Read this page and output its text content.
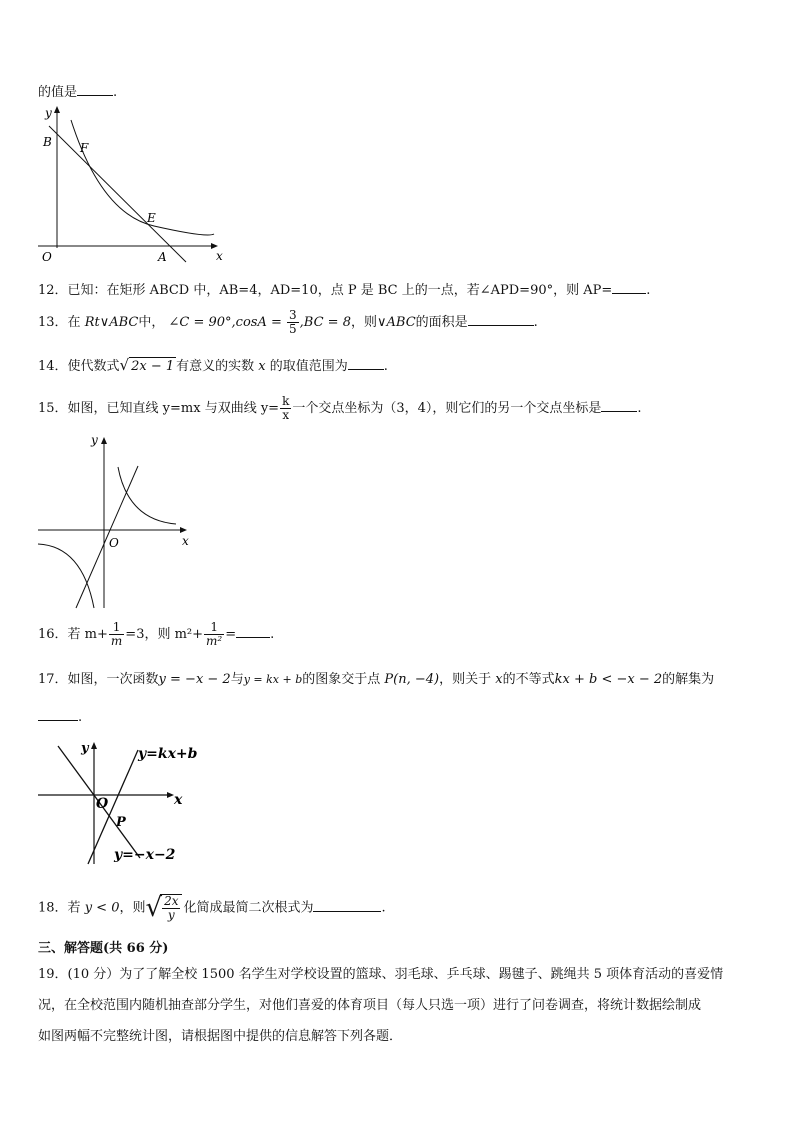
的值是	.
y
x
O	A
B
E
F
12．已知：在矩形 ABCD 中，AB=4，AD=10，点 P 是 BC 上的一点，若∠APD=90°，则 AP=	.
13．在 Rt∨ABC中， ∠C = $90^\circ,\cos A = \frac{3}{5} ,BC = 8$，则∨ABC的面积是	.
14．使代数式√ 2x − 1 有意义的实数 x 的取值范围为	.
15．如图，已知直线 y=mx 与双曲线 $y= \frac{k}{x}$ 一个交点坐标为（3，4），则它们的另一个交点坐标是	.
y
x
O
16．若 $m+ \frac{1}{m} =3$，则 $m^2+ \frac{1}{\text{m²}}$ =	.
17．如图，一次函数y = −x − 2与y = kx + b的图象交于点 P(n, −4)，则关于 x的不等式kx + b < −x − 2的解集为
.
y
x
O
P
y=kx+b
y=−x−2
18．若 y < 0，则√
$\frac{2x}{y}$ 化简成最简二次根式为	.
三、解答题(共 66 分)
19．(10 分）为了了解全校 1500 名学生对学校设置的篮球、羽毛球、乒乓球、踢毽子、跳绳共 5 项体育活动的喜爱情
况，在全校范围内随机抽查部分学生，对他们喜爱的体育项目（每人只选一项）进行了问卷调查，将统计数据绘制成
如图两幅不完整统计图，请根据图中提供的信息解答下列各题．
